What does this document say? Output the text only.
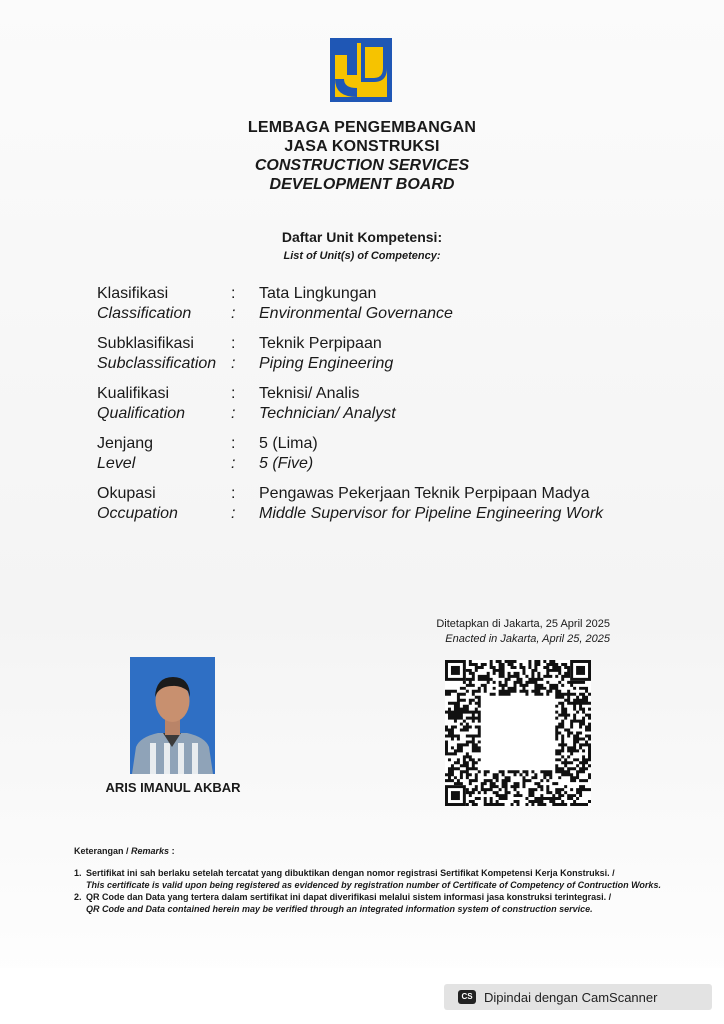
LEMBAGA PENGEMBANGAN
JASA KONSTRUKSI
CONSTRUCTION SERVICES
DEVELOPMENT BOARD
Daftar Unit Kompetensi:
List of Unit(s) of Competency:
Klasifikasi	: Tata Lingkungan
Classification : Environmental Governance
Subklasifikasi : Teknik Perpipaan
Subclassification : Piping Engineering
Kualifikasi	: Teknisi/ Analis
Qualification	: Technician/ Analyst
Jenjang	: 5 (Lima)
Level	: 5 (Five)
Okupasi	: Pengawas Pekerjaan Teknik Perpipaan Madya
Occupation	: Middle Supervisor for Pipeline Engineering Work
Ditetapkan di Jakarta, 25 April 2025
Enacted in Jakarta, April 25, 2025
ARIS IMANUL AKBAR
Keterangan / Remarks :
1. Sertifikat ini sah berlaku setelah tercatat yang dibuktikan dengan nomor registrasi Sertifikat Kompetensi Kerja Konstruksi. /
This certificate is valid upon being registered as evidenced by registration number of Certificate of Competency of Contruction Works.
2. QR Code dan Data yang tertera dalam sertifikat ini dapat diverifikasi melalui sistem informasi jasa konstruksi terintegrasi. /
QR Code and Data contained herein may be verified through an integrated information system of construction service.
CS Dipindai dengan CamScanner
